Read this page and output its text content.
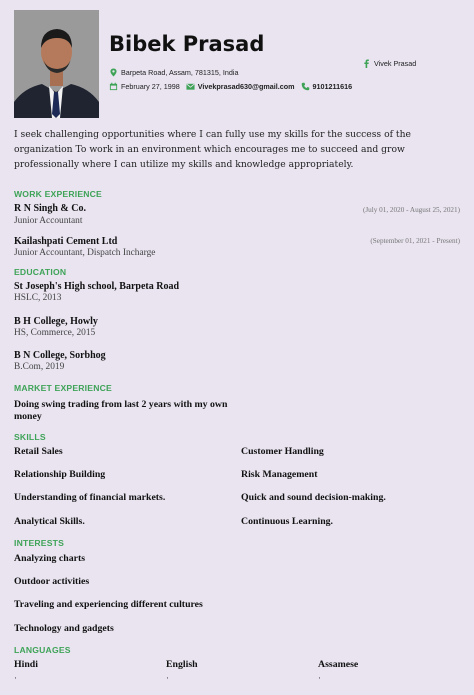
Bibek Prasad
Barpeta Road, Assam, 781315, India
February 27, 1998	Vivekprasad630@gmail.com	9101211616
Vivek Prasad
I seek challenging opportunities where I can fully use my skills for the success of the organization To work in an environment which encourages me to succeed and grow professionally where I can utilize my skills and knowledge appropriately.
WORK EXPERIENCE
R N Singh & Co.	(July 01, 2020 - August 25, 2021)
Junior Accountant
Kailashpati Cement Ltd	(September 01, 2021 - Present)
Junior Accountant, Dispatch Incharge
EDUCATION
St Joseph's High school, Barpeta Road
HSLC, 2013
B H College, Howly
HS, Commerce, 2015
B N College, Sorbhog
B.Com, 2019
MARKET EXPERIENCE
Doing swing trading from last 2 years with my own money
SKILLS
Retail Sales	Customer Handling
Relationship Building	Risk Management
Understanding of financial markets.	Quick and sound decision-making.
Analytical Skills.	Continuous Learning.
INTERESTS
Analyzing charts
Outdoor activities
Traveling and experiencing different cultures
Technology and gadgets
LANGUAGES
Hindi	English	Assamese
·	·	·
